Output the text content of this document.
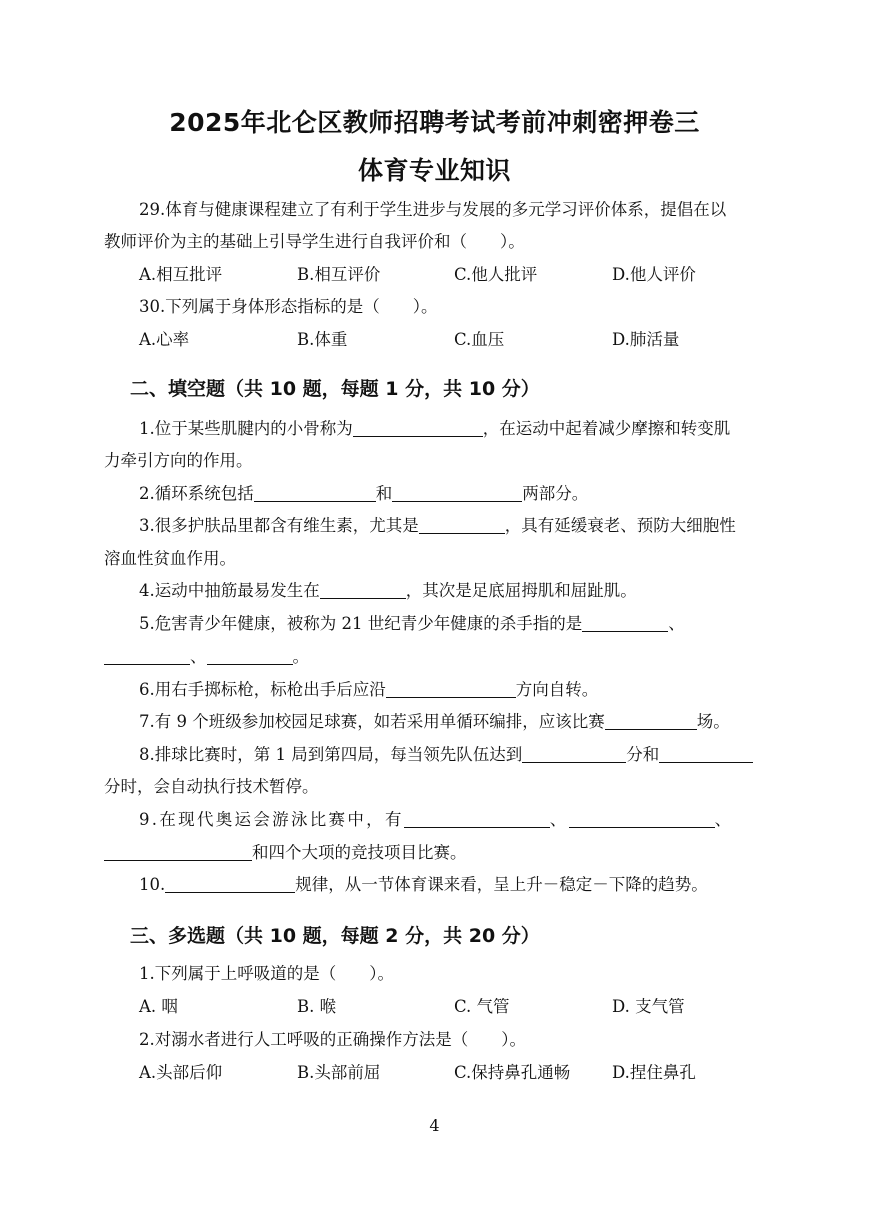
2025年北仑区教师招聘考试考前冲刺密押卷三
体育专业知识
29.体育与健康课程建立了有利于学生进步与发展的多元学习评价体系，提倡在以
教师评价为主的基础上引导学生进行自我评价和（　　）。
A.相互批评	B.相互评价	C.他人批评	D.他人评价
30.下列属于身体形态指标的是（　　）。
A.心率	B.体重	C.血压	D.肺活量
二、填空题（共 10 题，每题 1 分，共 10 分）
1.位于某些肌腱内的小骨称为	，在运动中起着减少摩擦和转变肌
力牵引方向的作用。
2.循环系统包括	和	两部分。
3.很多护肤品里都含有维生素，尤其是	，具有延缓衰老、预防大细胞性
溶血性贫血作用。
4.运动中抽筋最易发生在	，其次是足底屈拇肌和屈趾肌。
5.危害青少年健康，被称为 21 世纪青少年健康的杀手指的是	、
、	。
6.用右手掷标枪，标枪出手后应沿	方向自转。
7.有 9 个班级参加校园足球赛，如若采用单循环编排，应该比赛	场。
8.排球比赛时，第 1 局到第四局，每当领先队伍达到	分和
分时，会自动执行技术暂停。
9.在现代奥运会游泳比赛中，有	、	、
和四个大项的竞技项目比赛。
10.	规律，从一节体育课来看，呈上升－稳定－下降的趋势。
三、多选题（共 10 题，每题 2 分，共 20 分）
1.下列属于上呼吸道的是（　　）。
A. 咽	B. 喉	C. 气管	D. 支气管
2.对溺水者进行人工呼吸的正确操作方法是（　　）。
A.头部后仰	B.头部前屈	C.保持鼻孔通畅	D.捏住鼻孔
4
